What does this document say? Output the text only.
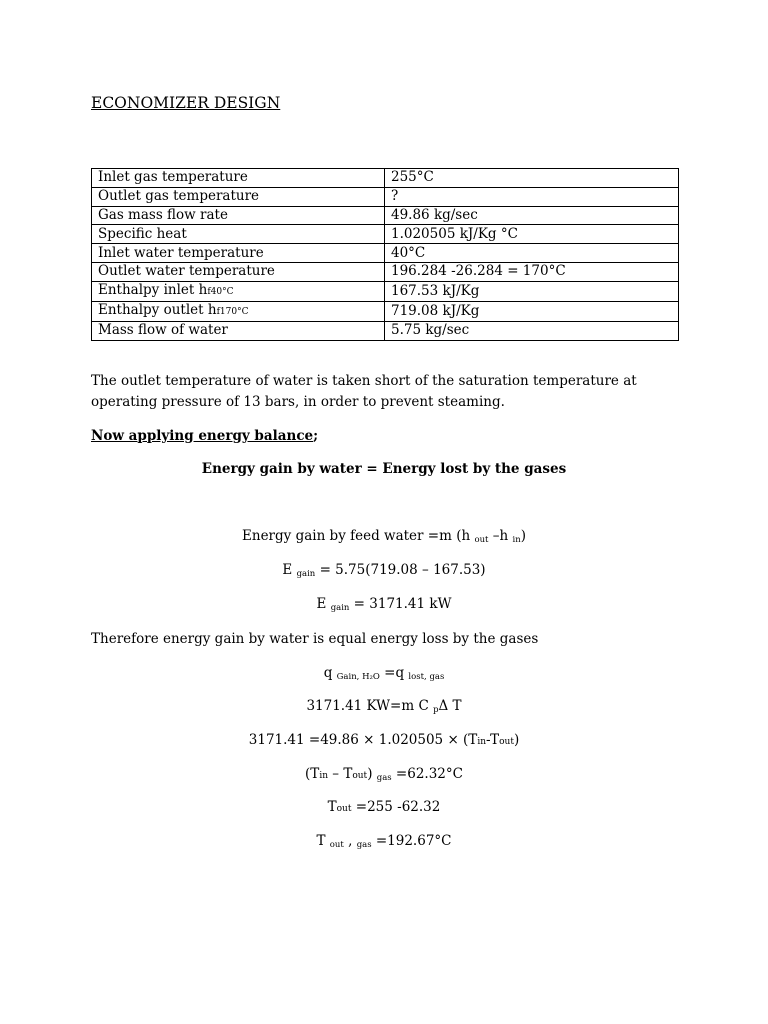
ECONOMIZER DESIGN
Inlet gas temperature	255°C
Outlet gas temperature	?
Gas mass flow rate	49.86 kg/sec
Specific heat	1.020505 kJ/Kg °C
Inlet water temperature	40°C
Outlet water temperature	196.284 -26.284 = 170°C
Enthalpy inlet hf40°C	167.53 kJ/Kg
Enthalpy outlet hf170°C	719.08 kJ/Kg
Mass flow of water	5.75 kg/sec
The outlet temperature of water is taken short of the saturation temperature at operating pressure of 13 bars, in order to prevent steaming.
Now applying energy balance;
Energy gain by water = Energy lost by the gases
Energy gain by feed water =m (h $_{out}$ –h $_{in}$)
E $_{gain}$ = 5.75(719.08 – 167.53)
E $_{gain}$ = 3171.41 kW
Therefore energy gain by water is equal energy loss by the gases
q $_{Gain, H_2O}$ =q $_{lost, gas}$
3171.41 KW=m C $_p$Δ T
3171.41 =49.86 × 1.020505 × (Tin-Tout)
(Tin – Tout) $_{gas}$ =62.32°C
Tout =255 -62.32
T $_{out}$ , $_{gas}$ =192.67°C
